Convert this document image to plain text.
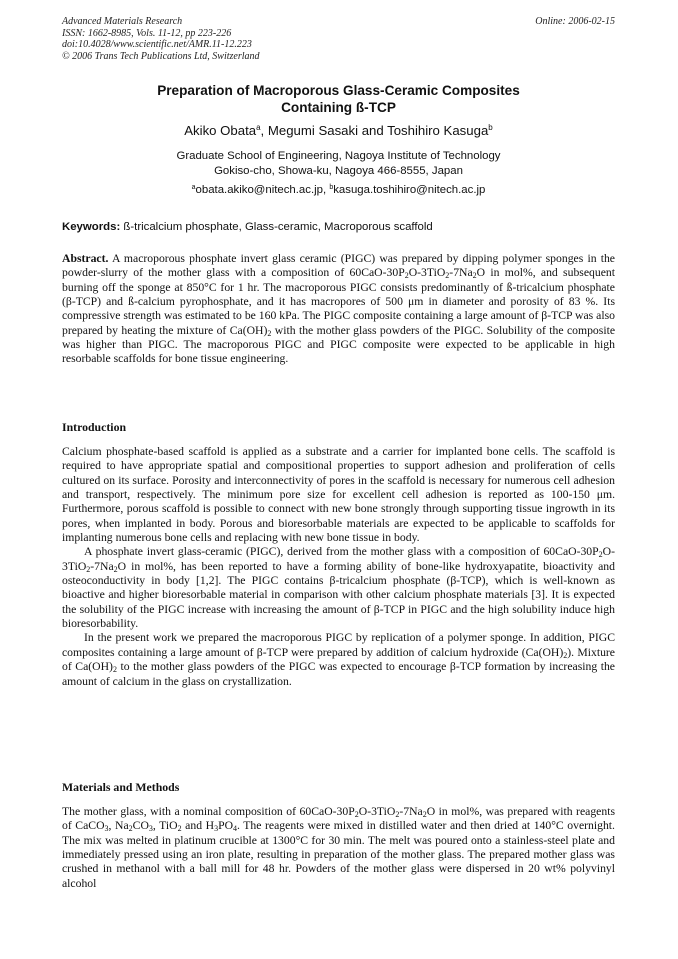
Advanced Materials Research
ISSN: 1662-8985, Vols. 11-12, pp 223-226
doi:10.4028/www.scientific.net/AMR.11-12.223
© 2006 Trans Tech Publications Ltd, Switzerland
Online: 2006-02-15
Preparation of Macroporous Glass-Ceramic Composites
Containing ß-TCP
Akiko Obata$^a$, Megumi Sasaki and Toshihiro Kasuga$^b$
Graduate School of Engineering, Nagoya Institute of Technology
Gokiso-cho, Showa-ku, Nagoya 466-8555, Japan
$^a$obata.akiko@nitech.ac.jp, $^b$kasuga.toshihiro@nitech.ac.jp
Keywords: ß-tricalcium phosphate, Glass-ceramic, Macroporous scaffold
Abstract. A macroporous phosphate invert glass ceramic (PIGC) was prepared by dipping polymer sponges in the powder-slurry of the mother glass with a composition of $60CaO-30P_2O-3TiO_2-7Na_2O$ in mol%, and subsequent burning off the sponge at 850°C for 1 hr. The macroporous PIGC consists predominantly of ß-tricalcium phosphate (β-TCP) and ß-calcium pyrophosphate, and it has macropores of 500 μm in diameter and porosity of 83 %. Its compressive strength was estimated to be 160 kPa. The PIGC composite containing a large amount of β-TCP was also prepared by heating the mixture of $Ca(OH)_2$ with the mother glass powders of the PIGC. Solubility of the composite was higher than PIGC. The macroporous PIGC and PIGC composite were expected to be applicable in high resorbable scaffolds for bone tissue engineering.
Introduction

Calcium phosphate-based scaffold is applied as a substrate and a carrier for implanted bone cells. The scaffold is required to have appropriate spatial and compositional properties to support adhesion and proliferation of cells cultured on its surface. Porosity and interconnectivity of pores in the scaffold is necessary for numerous cell adhesion and transport, respectively. The minimum pore size for excellent cell adhesion is reported as 100-150 μm. Furthermore, porous scaffold is possible to connect with new bone strongly through supporting tissue ingrowth in its pores, when implanted in body. Porous and bioresorbable materials are expected to be applicable to scaffolds for implanting numerous bone cells and replacing with new bone tissue in body.

A phosphate invert glass-ceramic (PIGC), derived from the mother glass with a composition of $60CaO-30P_2O-3TiO_2-7Na_2O$ in mol%, has been reported to have a forming ability of bone-like hydroxyapatite, bioactivity and osteoconductivity in body [1,2]. The PIGC contains β-tricalcium phosphate (β-TCP), which is well-known as bioactive and higher bioresorbable material in comparison with other calcium phosphate materials [3]. It is expected the solubility of the PIGC increase with increasing the amount of β-TCP in PIGC and the high solubility induce high bioresorbability.

In the present work we prepared the macroporous PIGC by replication of a polymer sponge. In addition, PIGC composites containing a large amount of β-TCP were prepared by addition of calcium hydroxide $(Ca(OH)_2)$. Mixture of $Ca(OH)_2$ to the mother glass powders of the PIGC was expected to encourage β-TCP formation by increasing the amount of calcium in the glass on crystallization.

Materials and Methods
The mother glass, with a nominal composition of $60CaO-30P_2O-3TiO_2-7Na_2O$ in mol%, was prepared with reagents of CaCO$_3$, $Na_2CO_3$, TiO$_2$ and $H_3PO_4$. The reagents were mixed in distilled water and then dried at 140°C overnight. The mix was melted in platinum crucible at 1300°C for 30 min. The melt was poured onto a stainless-steel plate and immediately pressed using an iron plate, resulting in preparation of the mother glass. The prepared mother glass was crushed in methanol with a ball mill for 48 hr. Powders of the mother glass were dispersed in 20 wt% polyvinyl alcohol
